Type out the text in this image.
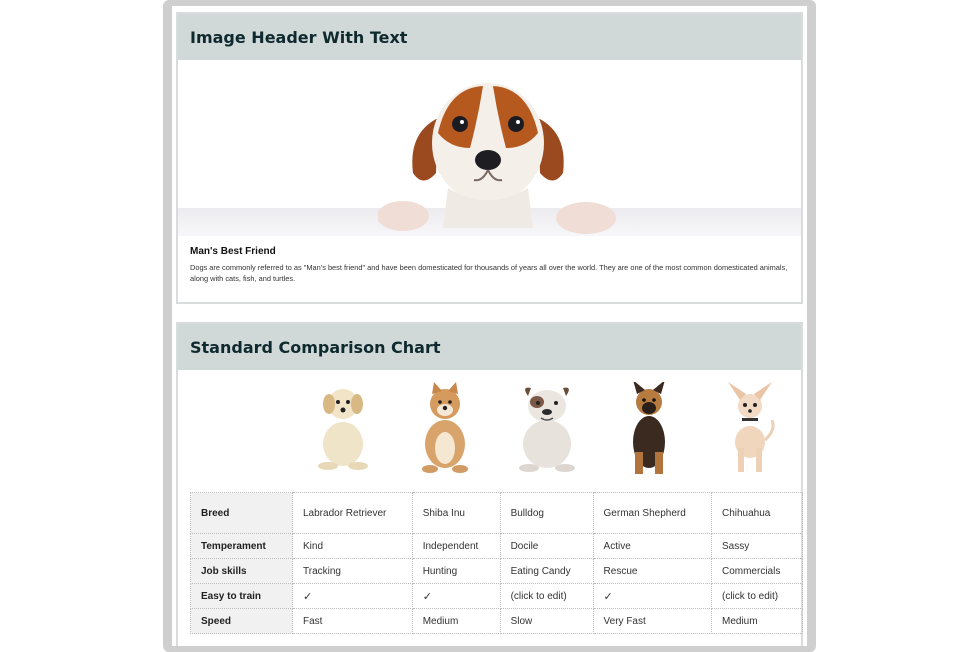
Image Header With Text
Man's Best Friend
Dogs are commonly referred to as "Man's best friend" and have been domesticated for thousands of years all over the world. They are one of the most common domesticated animals, along with cats, fish, and turtles.
Standard Comparison Chart
Breed	Labrador Retriever	Shiba Inu	Bulldog	German Shepherd	Chihuahua
Temperament	Kind	Independent	Docile	Active	Sassy
Job skills	Tracking	Hunting	Eating Candy	Rescue	Commercials
Easy to train	✓	✓	(click to edit)	✓	(click to edit)
Speed	Fast	Medium	Slow	Very Fast	Medium
